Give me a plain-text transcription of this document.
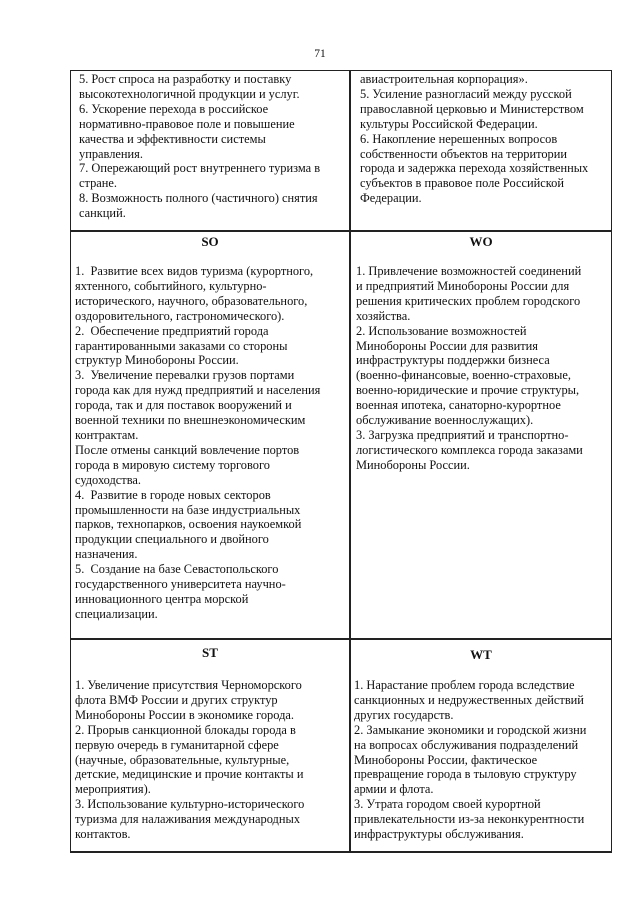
71
5. Рост спроса на разработку и поставку
высокотехнологичной продукции и услуг.
6. Ускорение перехода в российское
нормативно-правовое поле и повышение
качества и эффективности системы
управления.
7. Опережающий рост внутреннего туризма в
стране.
8. Возможность полного (частичного) снятия
санкций.
авиастроительная корпорация».
5. Усиление разногласий между русской
православной церковью и Министерством
культуры Российской Федерации.
6. Накопление нерешенных вопросов
собственности объектов на территории
города и задержка перехода хозяйственных
субъектов в правовое поле Российской
Федерации.
SO	WO
1.  Развитие всех видов туризма (курортного,
яхтенного, событийного, культурно-
исторического, научного, образовательного,
оздоровительного, гастрономического).
2.  Обеспечение предприятий города
гарантированными заказами со стороны
структур Минобороны России.
3.  Увеличение перевалки грузов портами
города как для нужд предприятий и населения
города, так и для поставок вооружений и
военной техники по внешнеэкономическим
контрактам.
После отмены санкций вовлечение портов
города в мировую систему торгового
судоходства.
4.  Развитие в городе новых секторов
промышленности на базе индустриальных
парков, технопарков, освоения наукоемкой
продукции специального и двойного
назначения.
5.  Создание на базе Севастопольского
государственного университета научно-
инновационного центра морской
специализации.
1. Привлечение возможностей соединений
и предприятий Минобороны России для
решения критических проблем городского
хозяйства.
2. Использование возможностей
Минобороны России для развития
инфраструктуры поддержки бизнеса
(военно-финансовые, военно-страховые,
военно-юридические и прочие структуры,
военная ипотека, санаторно-курортное
обслуживание военнослужащих).
3. Загрузка предприятий и транспортно-
логистического комплекса города заказами
Минобороны России.
ST	WT
1. Увеличение присутствия Черноморского
флота ВМФ России и других структур
Минобороны России в экономике города.
2. Прорыв санкционной блокады города в
первую очередь в гуманитарной сфере
(научные, образовательные, культурные,
детские, медицинские и прочие контакты и
мероприятия).
3. Использование культурно-исторического
туризма для налаживания международных
контактов.
1. Нарастание проблем города вследствие
санкционных и недружественных действий
других государств.
2. Замыкание экономики и городской жизни
на вопросах обслуживания подразделений
Минобороны России, фактическое
превращение города в тыловую структуру
армии и флота.
3. Утрата городом своей курортной
привлекательности из-за неконкурентности
инфраструктуры обслуживания.
